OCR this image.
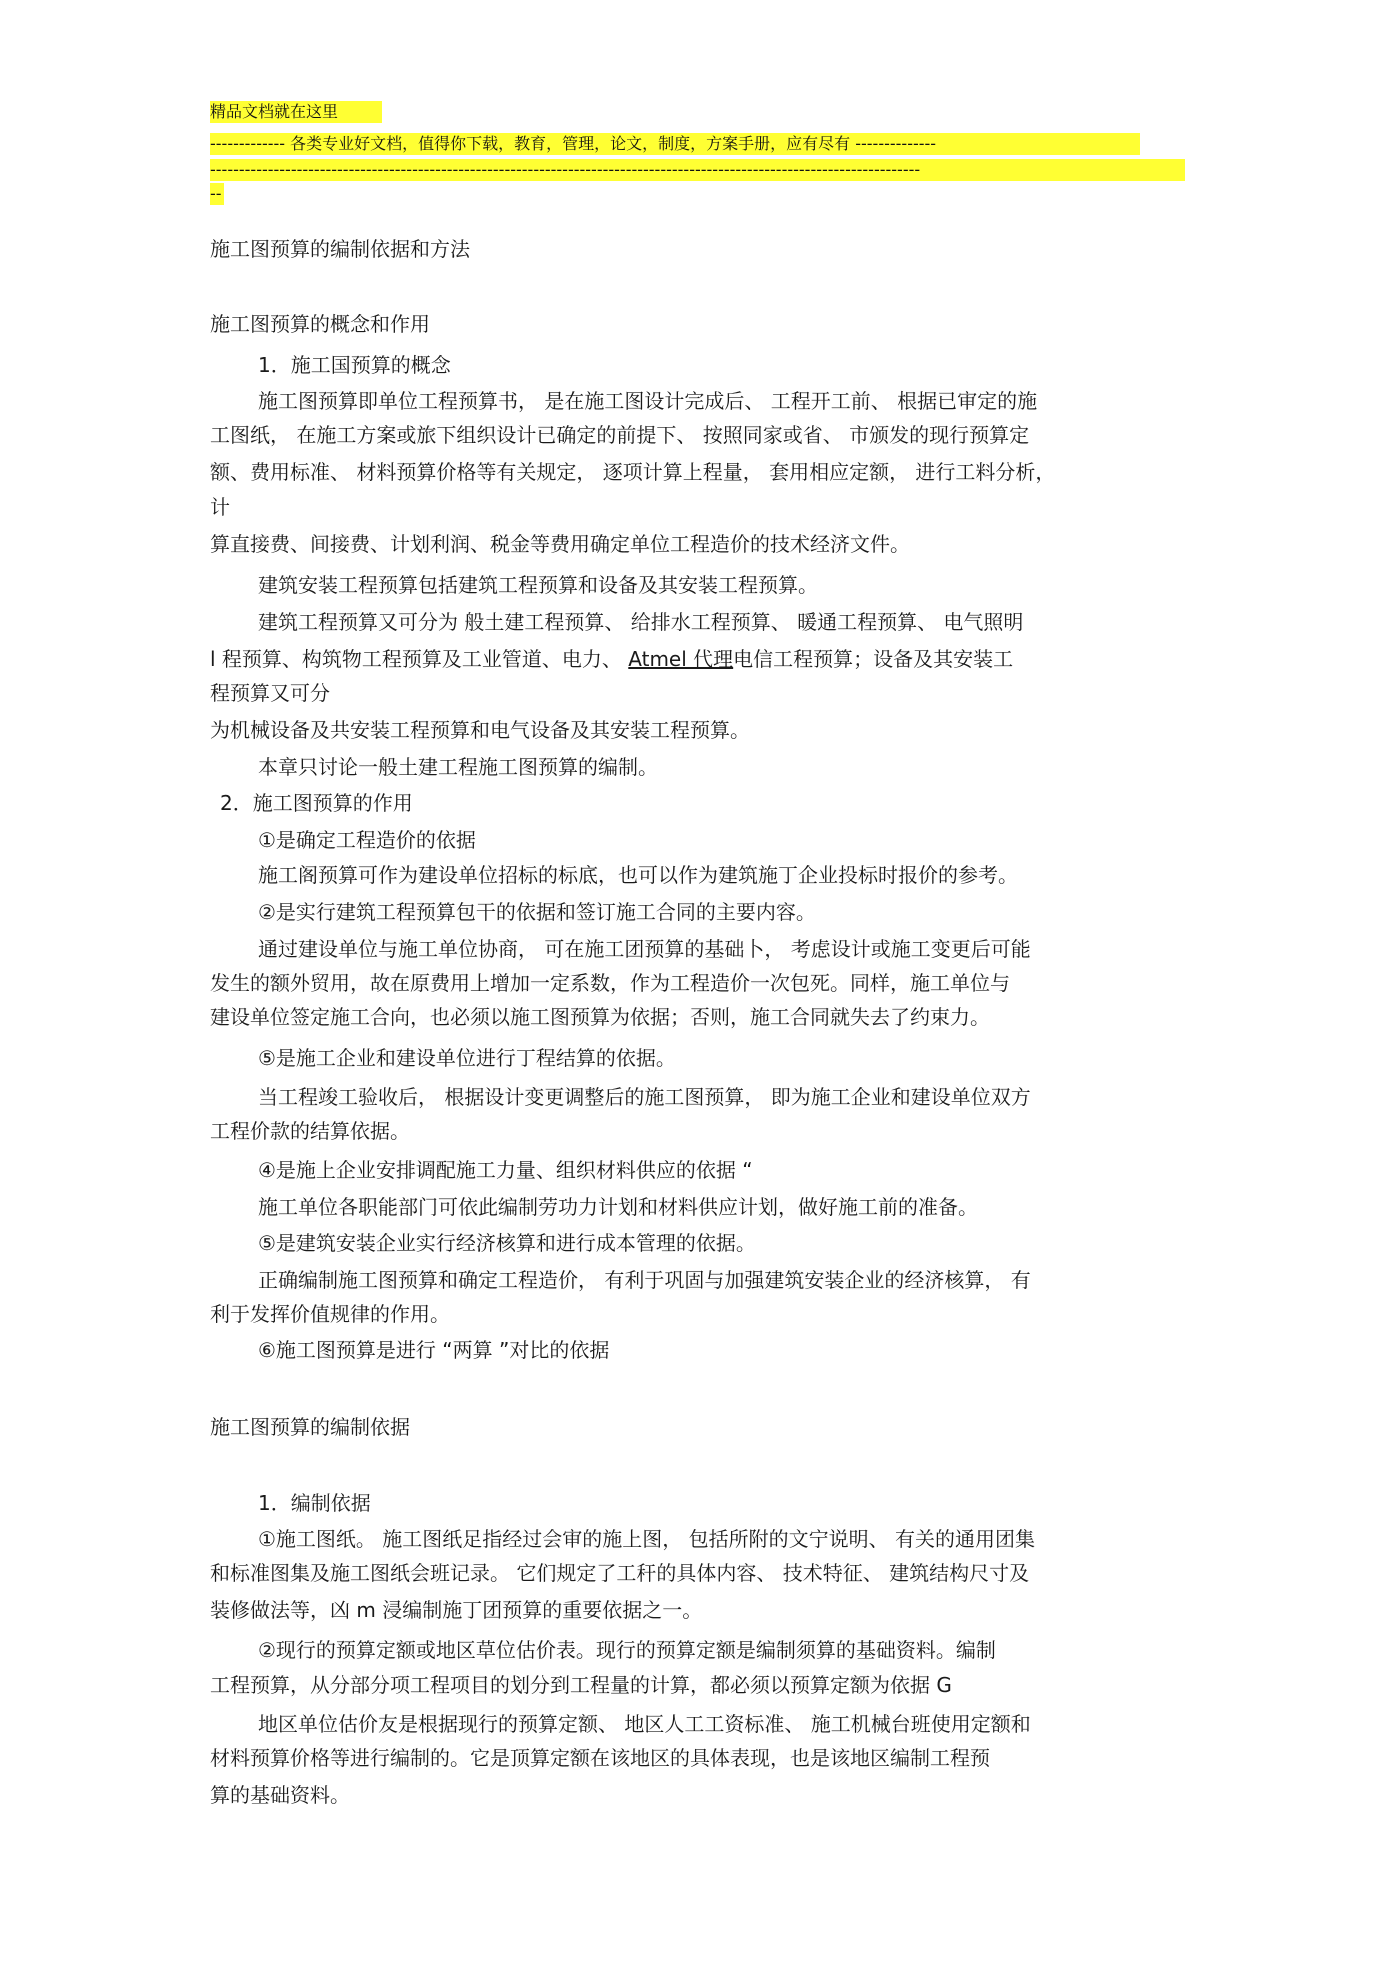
精品文档就在这里
------------- 各类专业好文档，值得你下载，教育，管理，论文，制度，方案手册，应有尽有 --------------
---------------------------------------------------------------------------------------------------------------------------
--
施工图预算的编制依据和方法
施工图预算的概念和作用
1．施工国预算的概念
施工图预算即单位工程预算书， 是在施工图设计完成后、 工程开工前、 根据已审定的施
工图纸， 在施工方案或旅下组织设计已确定的前提下、 按照同家或省、 市颁发的现行预算定
额、费用标准、 材料预算价格等有关规定， 逐项计算上程量， 套用相应定额， 进行工料分析，
计
算直接费、间接费、计划利润、税金等费用确定单位工程造价的技术经济文件。
建筑安装工程预算包括建筑工程预算和设备及其安装工程预算。
建筑工程预算又可分为 般土建工程预算、 给排水工程预算、 暖通工程预算、 电气照明
l 程预算、构筑物工程预算及工业管道、电力、 Atmel 代理电信工程预算；设备及其安装工
程预算又可分
为机械设备及共安装工程预算和电气设备及其安装工程预算。
本章只讨论一般土建工程施工图预算的编制。
2．施工图预算的作用
①是确定工程造价的依据
施工阁预算可作为建设单位招标的标底，也可以作为建筑施丁企业投标时报价的参考。
②是实行建筑工程预算包干的依据和签订施工合同的主要内容。
通过建设单位与施工单位协商， 可在施工团预算的基础卜， 考虑设计或施工变更后可能
发生的额外贸用，故在原费用上增加一定系数，作为工程造价一次包死。同样，施工单位与
建设单位签定施工合向，也必须以施工图预算为依据；否则，施工合同就失去了约束力。
⑤是施工企业和建设单位进行丁程结算的依据。
当工程竣工验收后， 根据设计变更调整后的施工图预算， 即为施工企业和建设单位双方
工程价款的结算依据。
④是施上企业安排调配施工力量、组织材料供应的依据 “
施工单位各职能部门可依此编制劳功力计划和材料供应计划，做好施工前的准备。
⑤是建筑安装企业实行经济核算和进行成本管理的依据。
正确编制施工图预算和确定工程造价， 有利于巩固与加强建筑安装企业的经济核算， 有
利于发挥价值规律的作用。
⑥施工图预算是进行 “两算 ”对比的依据
施工图预算的编制依据
1．编制依据
①施工图纸。 施工图纸足指经过会审的施上图， 包括所附的文宁说明、 有关的通用团集
和标准图集及施工图纸会班记录。 它们规定了工秆的具体内容、 技术特征、 建筑结构尺寸及
装修做法等，凶 m 浸编制施丁团预算的重要依据之一。
②现行的预算定额或地区草位估价表。现行的预算定额是编制须算的基础资料。编制
工程预算，从分部分项工程项目的划分到工程量的计算，都必须以预算定额为依据 G
地区单位估价友是根据现行的预算定额、 地区人工工资标准、 施工机械台班使用定额和
材料预算价格等进行编制的。它是顶算定额在该地区的具体表现，也是该地区编制工程预
算的基础资料。
